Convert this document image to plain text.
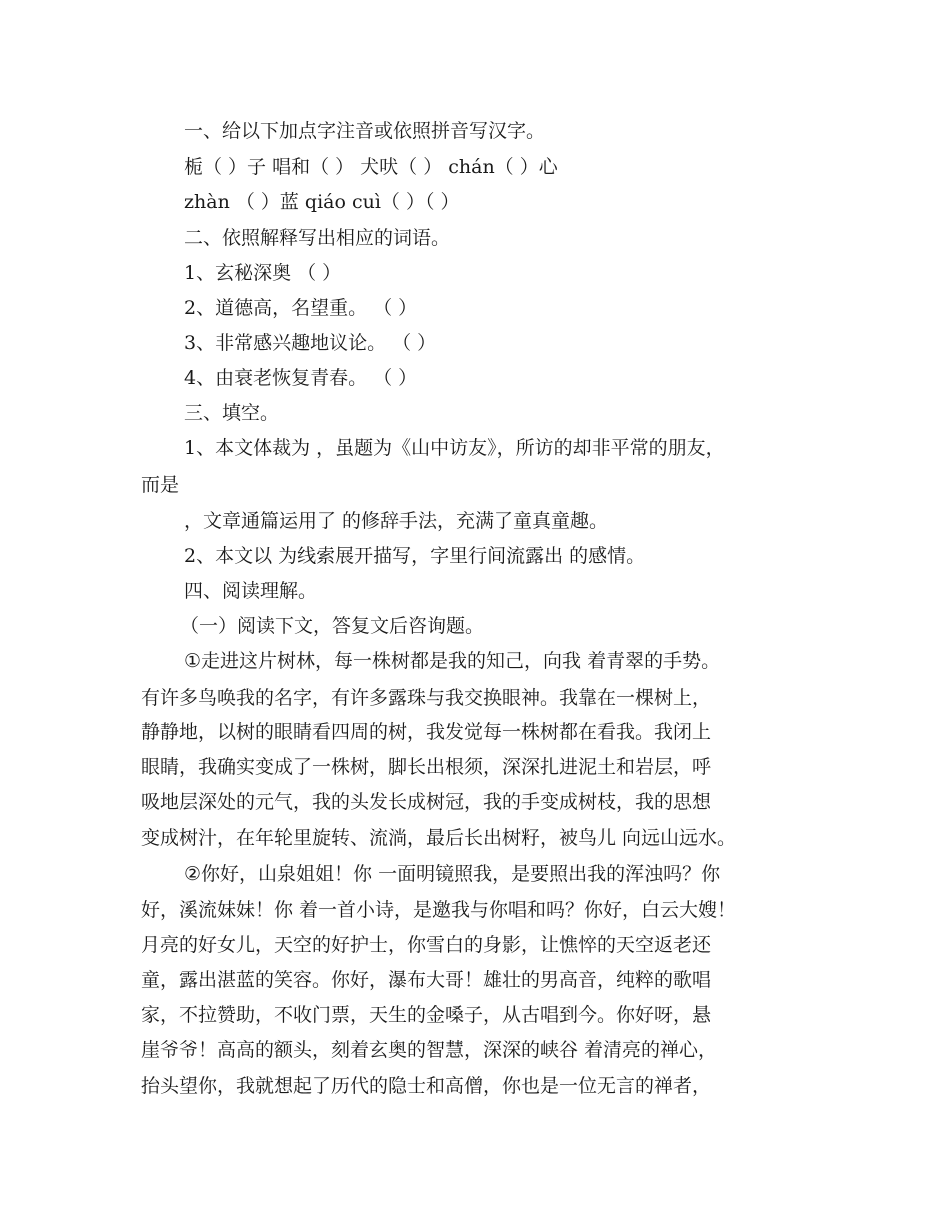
一、给以下加点字注音或依照拼音写汉字。
栀（ ）子 唱和（ ） 犬吠（ ） chán（ ）心
zhàn （ ）蓝 qiáo cuì（ ）（ ）
二、依照解释写出相应的词语。
1、玄秘深奥 （ ）
2、道德高，名望重。 （ ）
3、非常感兴趣地议论。 （ ）
4、由衰老恢复青春。 （ ）
三、填空。
1、本文体裁为 ，虽题为《山中访友》，所访的却非平常的朋友，
而是
，文章通篇运用了 的修辞手法，充满了童真童趣。
2、本文以 为线索展开描写，字里行间流露出 的感情。
四、阅读理解。
（一）阅读下文，答复文后咨询题。
①走进这片树林，每一株树都是我的知己，向我 着青翠的手势。
有许多鸟唤我的名字，有许多露珠与我交换眼神。我靠在一棵树上，
静静地，以树的眼睛看四周的树，我发觉每一株树都在看我。我闭上
眼睛，我确实变成了一株树，脚长出根须，深深扎进泥土和岩层，呼
吸地层深处的元气，我的头发长成树冠，我的手变成树枝，我的思想
变成树汁，在年轮里旋转、流淌，最后长出树籽，被鸟儿 向远山远水。
②你好，山泉姐姐！你 一面明镜照我，是要照出我的浑浊吗？你
好，溪流妹妹！你 着一首小诗，是邀我与你唱和吗？你好，白云大嫂！
月亮的好女儿，天空的好护士，你雪白的身影，让憔悴的天空返老还
童，露出湛蓝的笑容。你好，瀑布大哥！雄壮的男高音，纯粹的歌唱
家，不拉赞助，不收门票，天生的金嗓子，从古唱到今。你好呀，悬
崖爷爷！高高的额头，刻着玄奥的智慧，深深的峡谷 着清亮的禅心，
抬头望你，我就想起了历代的隐士和高僧，你也是一位无言的禅者，
